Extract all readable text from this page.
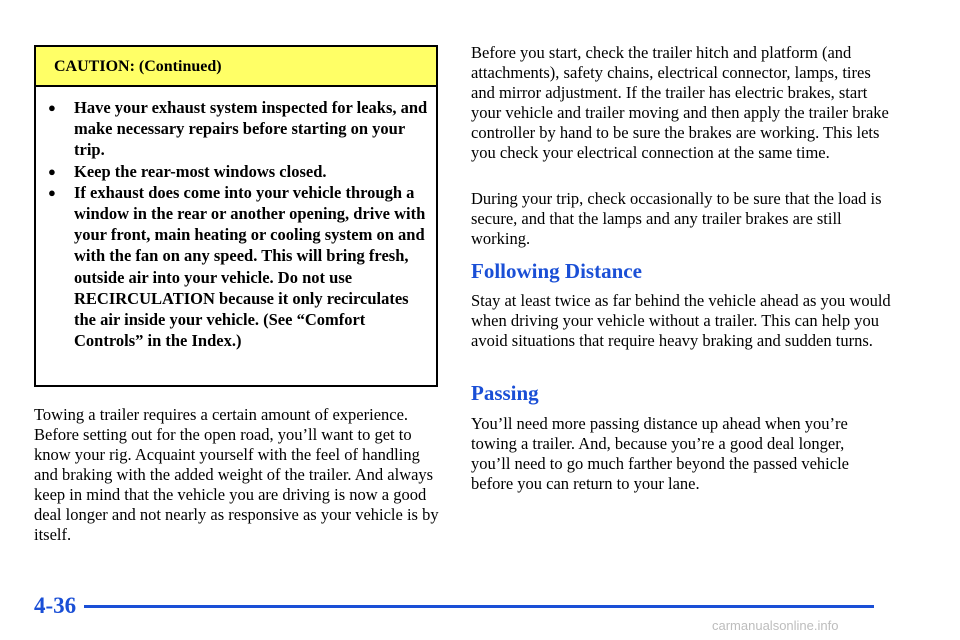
CAUTION: (Continued)
●	Have your exhaust system inspected for leaks, and make necessary repairs before starting on your trip.
●	Keep the rear-most windows closed.
●	If exhaust does come into your vehicle through a window in the rear or another opening, drive with your front, main heating or cooling system on and with the fan on any speed. This will bring fresh, outside air into your vehicle. Do not use RECIRCULATION because it only recirculates the air inside your vehicle. (See “Comfort Controls” in the Index.)

Towing a trailer requires a certain amount of experience. Before setting out for the open road, you’ll want to get to know your rig. Acquaint yourself with the feel of handling and braking with the added weight of the trailer. And always keep in mind that the vehicle you are driving is now a good deal longer and not nearly as responsive as your vehicle is by itself.

Before you start, check the trailer hitch and platform (and attachments), safety chains, electrical connector, lamps, tires and mirror adjustment. If the trailer has electric brakes, start your vehicle and trailer moving and then apply the trailer brake controller by hand to be sure the brakes are working. This lets you check your electrical connection at the same time.

During your trip, check occasionally to be sure that the load is secure, and that the lamps and any trailer brakes are still working.

Following Distance

Stay at least twice as far behind the vehicle ahead as you would when driving your vehicle without a trailer. This can help you avoid situations that require heavy braking and sudden turns.

Passing

You’ll need more passing distance up ahead when you’re towing a trailer. And, because you’re a good deal longer, you’ll need to go much farther beyond the passed vehicle before you can return to your lane.

4-36
carmanualsonline.info
